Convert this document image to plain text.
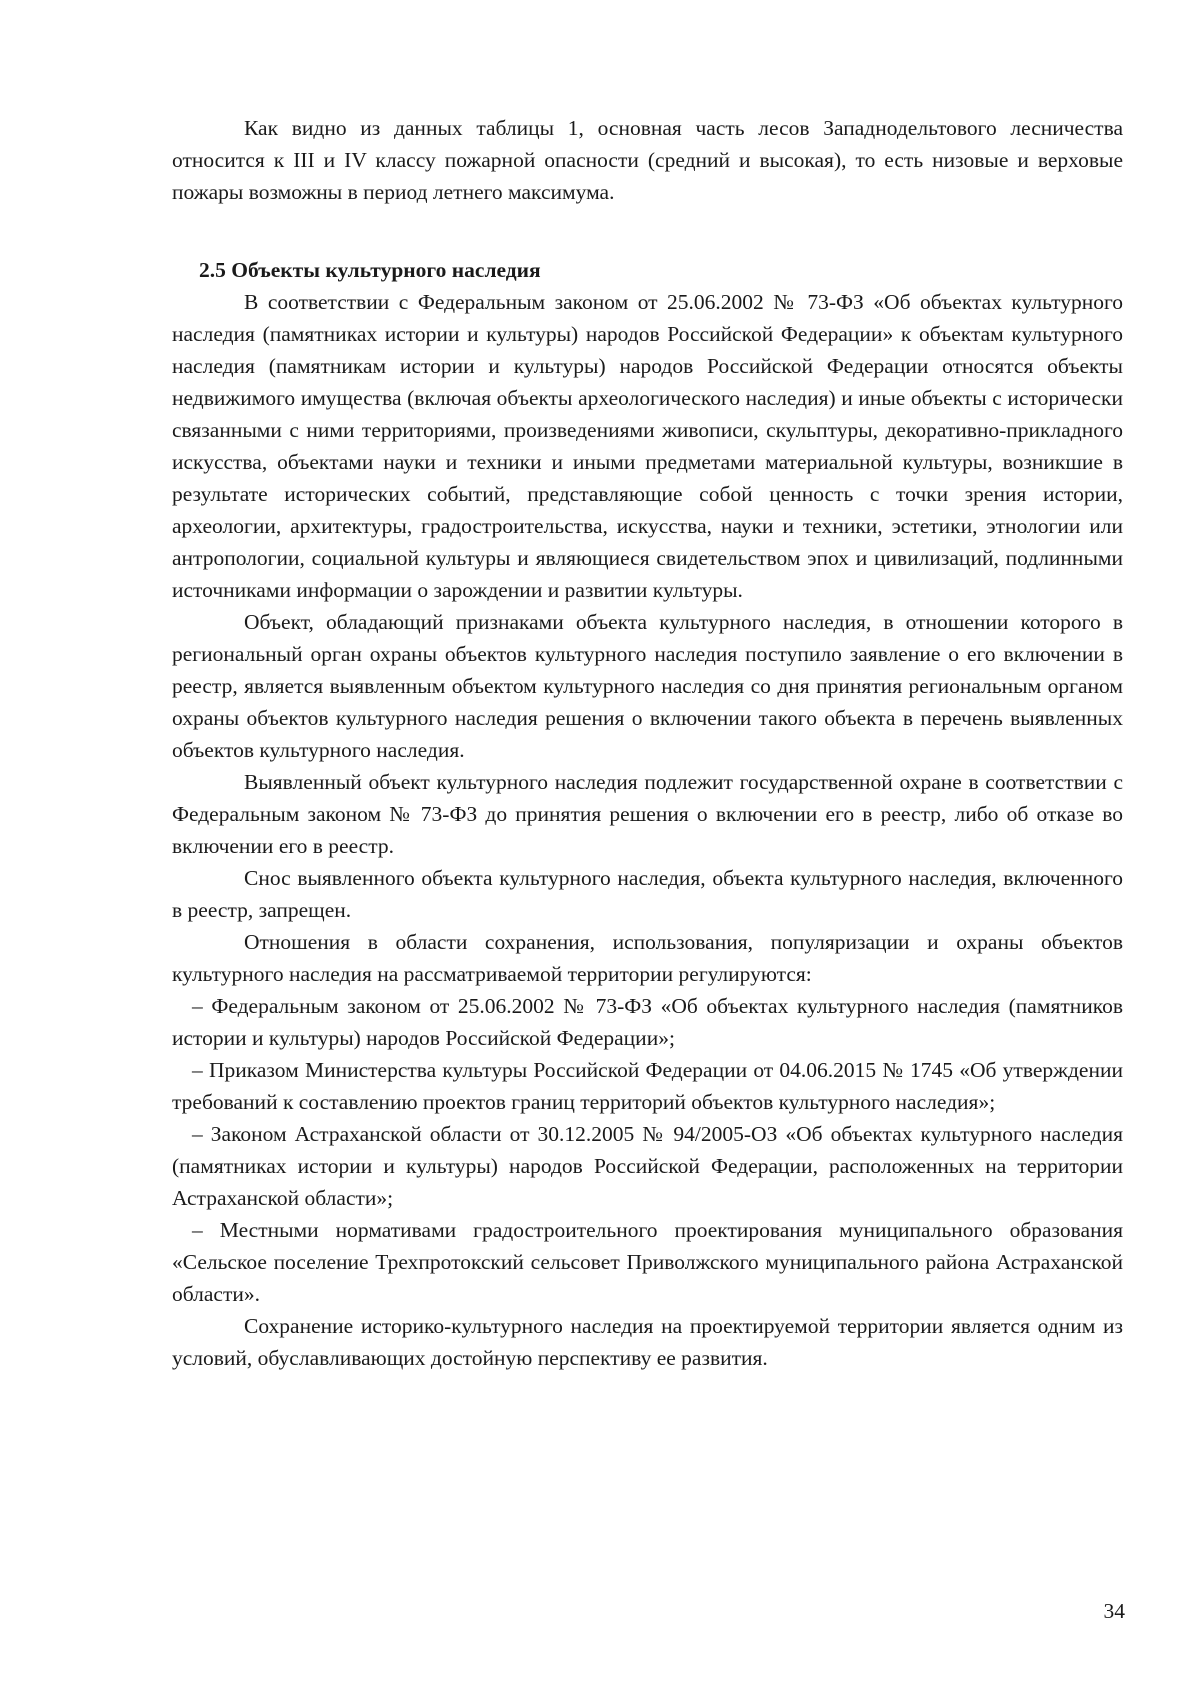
Как видно из данных таблицы 1, основная часть лесов Западнодельтового лесничества относится к III и IV классу пожарной опасности (средний и высокая), то есть низовые и верховые пожары возможны в период летнего максимума.

2.5 Объекты культурного наследия

В соответствии с Федеральным законом от 25.06.2002 № 73-ФЗ «Об объектах культурного наследия (памятниках истории и культуры) народов Российской Федерации» к объектам культурного наследия (памятникам истории и культуры) народов Российской Федерации относятся объекты недвижимого имущества (включая объекты археологического наследия) и иные объекты с исторически связанными с ними территориями, произведениями живописи, скульптуры, декоративно-прикладного искусства, объектами науки и техники и иными предметами материальной культуры, возникшие в результате исторических событий, представляющие собой ценность с точки зрения истории, археологии, архитектуры, градостроительства, искусства, науки и техники, эстетики, этнологии или антропологии, социальной культуры и являющиеся свидетельством эпох и цивилизаций, подлинными источниками информации о зарождении и развитии культуры.

Объект, обладающий признаками объекта культурного наследия, в отношении которого в региональный орган охраны объектов культурного наследия поступило заявление о его включении в реестр, является выявленным объектом культурного наследия со дня принятия региональным органом охраны объектов культурного наследия решения о включении такого объекта в перечень выявленных объектов культурного наследия.

Выявленный объект культурного наследия подлежит государственной охране в соответствии с Федеральным законом № 73-ФЗ до принятия решения о включении его в реестр, либо об отказе во включении его в реестр.

Снос выявленного объекта культурного наследия, объекта культурного наследия, включенного в реестр, запрещен.

Отношения в области сохранения, использования, популяризации и охраны объектов культурного наследия на рассматриваемой территории регулируются:

– Федеральным законом от 25.06.2002 № 73-ФЗ «Об объектах культурного наследия (памятников истории и культуры) народов Российской Федерации»;

– Приказом Министерства культуры Российской Федерации от 04.06.2015 № 1745 «Об утверждении требований к составлению проектов границ территорий объектов культурного наследия»;

– Законом Астраханской области от 30.12.2005 № 94/2005-ОЗ «Об объектах культурного наследия (памятниках истории и культуры) народов Российской Федерации, расположенных на территории Астраханской области»;

– Местными нормативами градостроительного проектирования муниципального образования «Сельское поселение Трехпротокский сельсовет Приволжского муниципального района Астраханской области».

Сохранение историко-культурного наследия на проектируемой территории является одним из условий, обуславливающих достойную перспективу ее развития.

34
